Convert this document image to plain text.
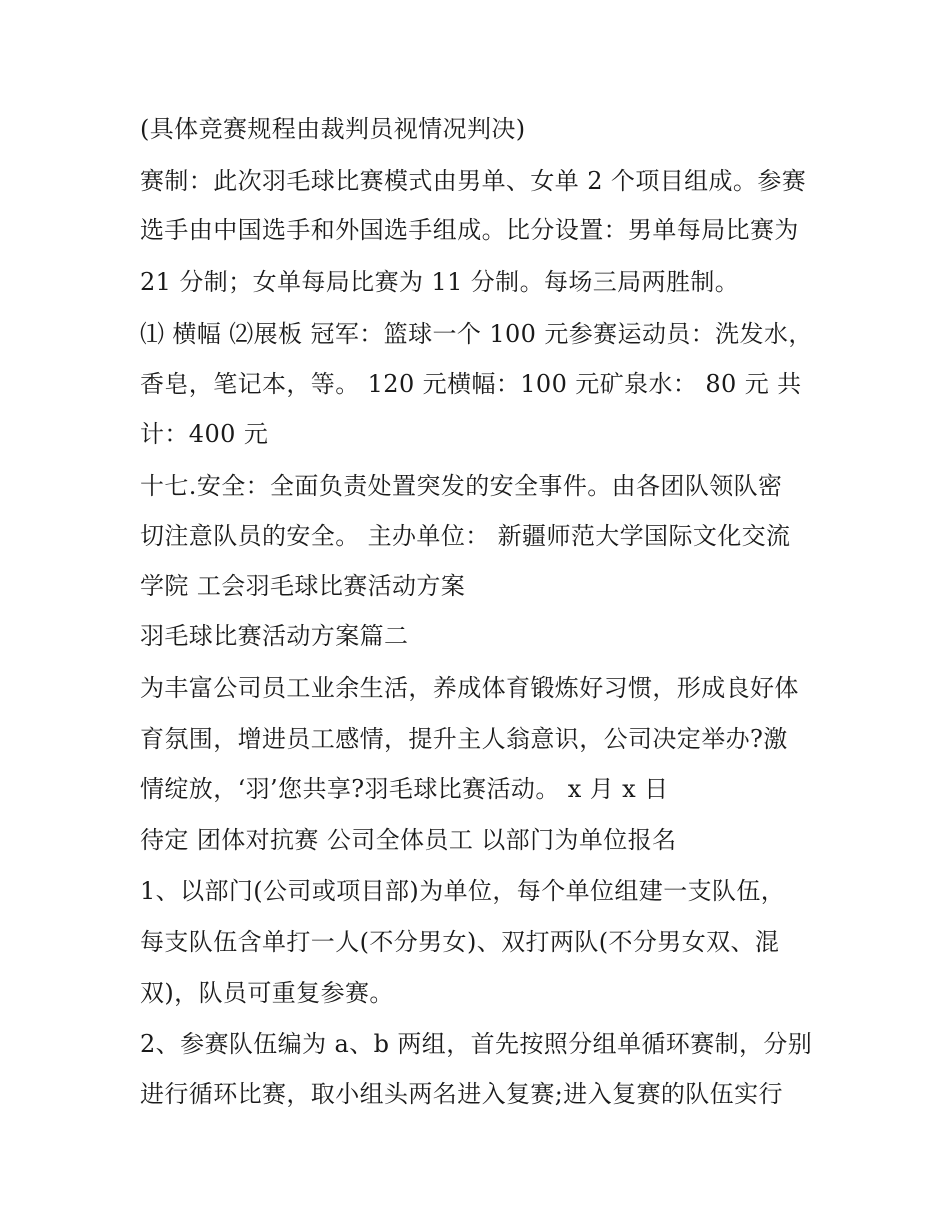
(具体竞赛规程由裁判员视情况判决)

赛制：此次羽毛球比赛模式由男单、女单 2 个项目组成。参赛

选手由中国选手和外国选手组成。比分设置：男单每局比赛为

21 分制；女单每局比赛为 11 分制。每场三局两胜制。

⑴ 横幅 ⑵展板 冠军：篮球一个 100 元参赛运动员：洗发水，

香皂，笔记本，等。 120 元横幅：100 元矿泉水： 80 元 共

计：400 元

十七.安全：全面负责处置突发的安全事件。由各团队领队密

切注意队员的安全。 主办单位： 新疆师范大学国际文化交流

学院 工会羽毛球比赛活动方案

羽毛球比赛活动方案篇二

为丰富公司员工业余生活，养成体育锻炼好习惯，形成良好体

育氛围，增进员工感情，提升主人翁意识，公司决定举办?激

情绽放，‘羽’您共享?羽毛球比赛活动。 x 月 x 日

待定 团体对抗赛 公司全体员工 以部门为单位报名

1、以部门(公司或项目部)为单位，每个单位组建一支队伍，

每支队伍含单打一人(不分男女)、双打两队(不分男女双、混

双)，队员可重复参赛。

2、参赛队伍编为 a、b 两组，首先按照分组单循环赛制，分别

进行循环比赛，取小组头两名进入复赛;进入复赛的队伍实行
